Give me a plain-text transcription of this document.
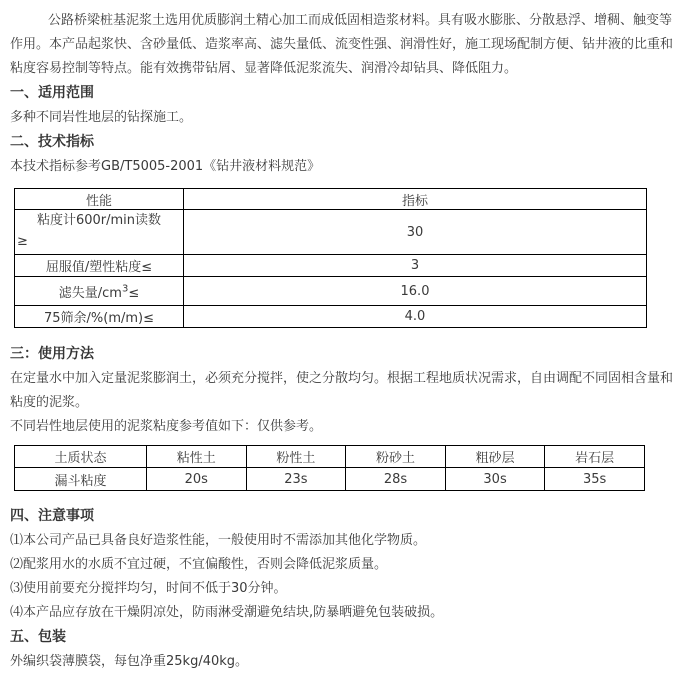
公路桥梁桩基泥浆土选用优质膨润土精心加工而成低固相造浆材料。具有吸水膨胀、分散悬浮、增稠、触变等作用。本产品起浆快、含砂量低、造浆率高、滤失量低、流变性强、润滑性好，施工现场配制方便、钻井液的比重和粘度容易控制等特点。能有效携带钻屑、显著降低泥浆流失、润滑冷却钻具、降低阻力。

一、适用范围

多种不同岩性地层的钻探施工。

二、技术指标

本技术指标参考GB/T5005-2001《钻井液材料规范》

性能	指标

粘度计600r/min读数
≥	30
屈服值/塑性粘度≤	3
滤失量$/cm^3\le$	16.0
75筛余/%(m/m)≤	4.0
三：使用方法

在定量水中加入定量泥浆膨润土，必须充分搅拌，使之分散均匀。根据工程地质状况需求，自由调配不同固相含量和粘度的泥浆。

不同岩性地层使用的泥浆粘度参考值如下：仅供参考。

土质状态	粘性土	粉性土	粉砂土	粗砂层	岩石层
漏斗粘度	20s	23s	28s	30s	35s
四、注意事项

⑴本公司产品已具备良好造浆性能，一般使用时不需添加其他化学物质。

⑵配浆用水的水质不宜过硬，不宜偏酸性，否则会降低泥浆质量。

⑶使用前要充分搅拌均匀，时间不低于30分钟。

⑷本产品应存放在干燥阴凉处，防雨淋受潮避免结块,防暴晒避免包装破损。

五、包装

外编织袋薄膜袋，每包净重25kg/40kg。
